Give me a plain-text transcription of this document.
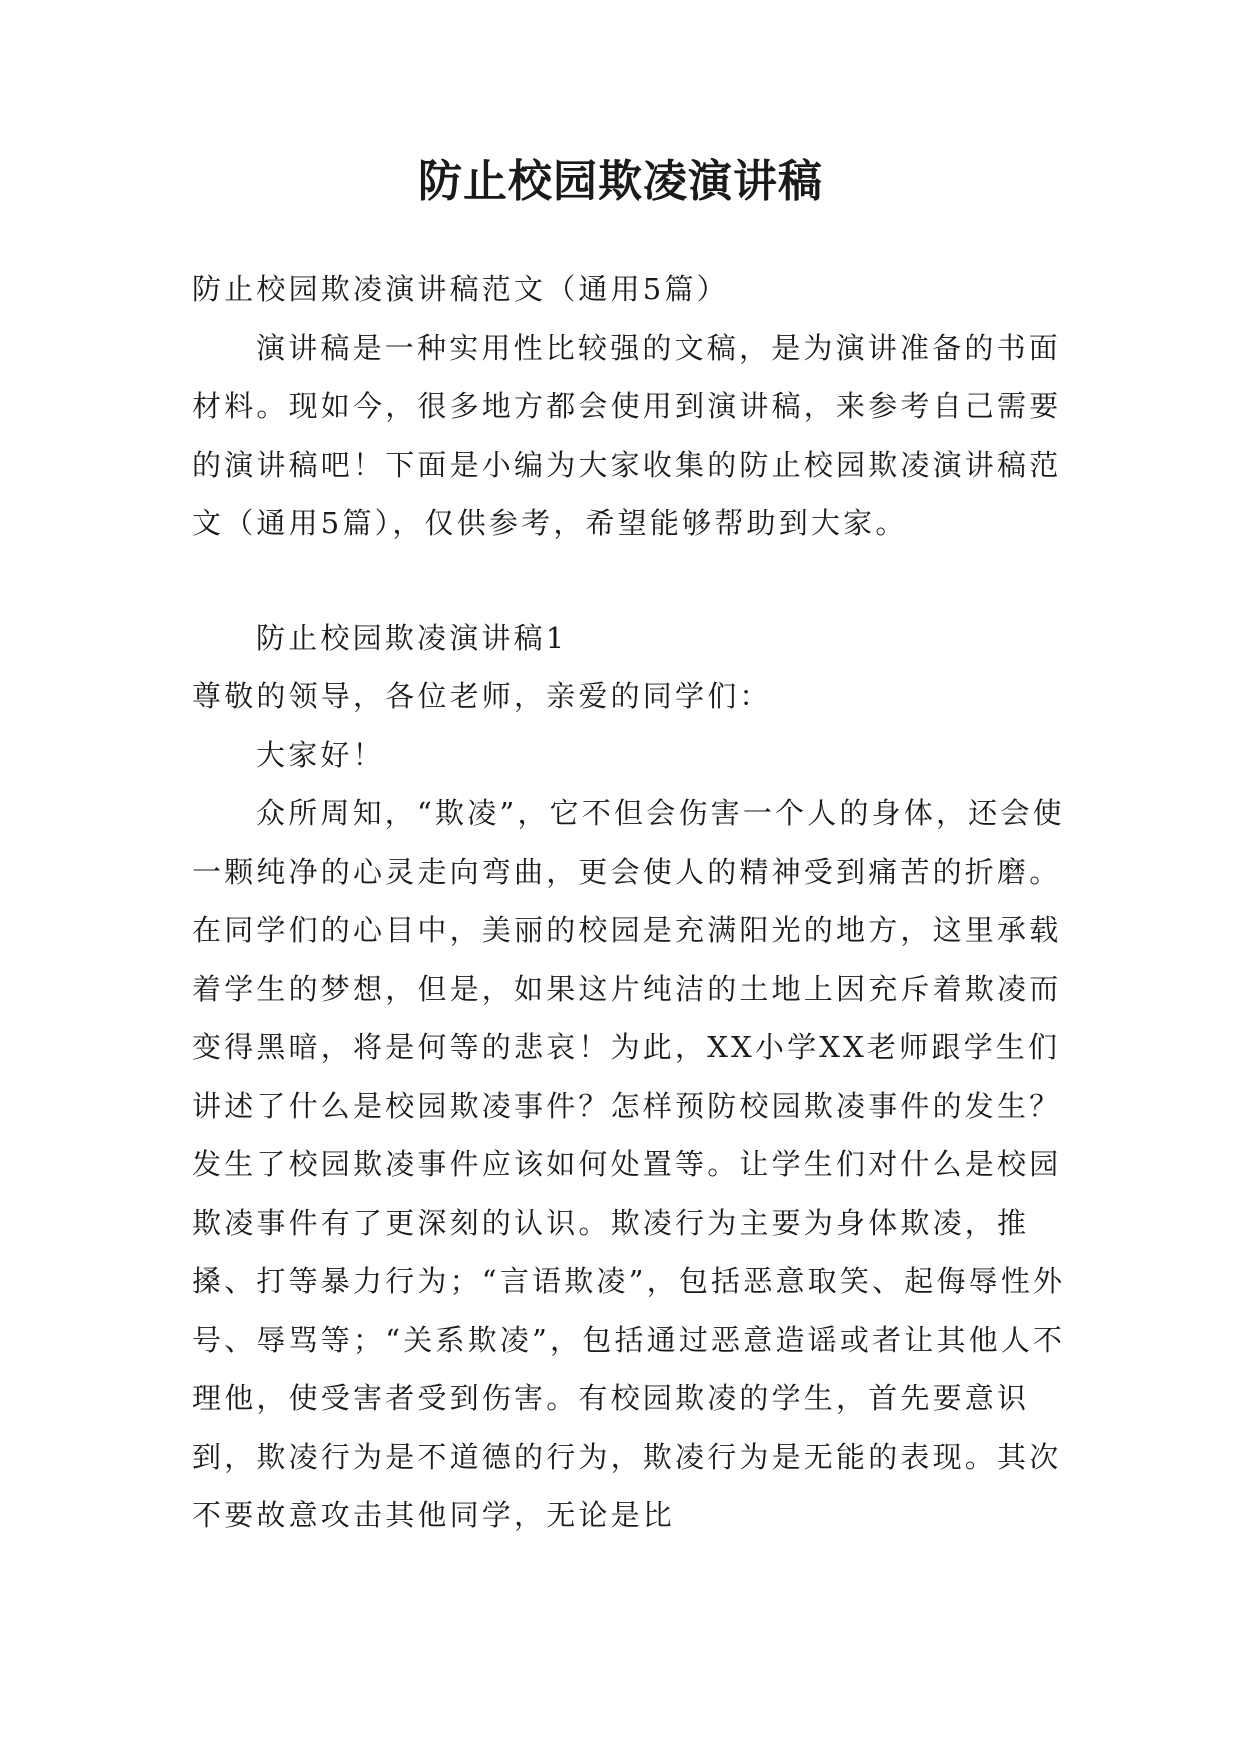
防止校园欺凌演讲稿

防止校园欺凌演讲稿范文（通用5篇）

演讲稿是一种实用性比较强的文稿，是为演讲准备的书面材料。现如今，很多地方都会使用到演讲稿，来参考自己需要的演讲稿吧！下面是小编为大家收集的防止校园欺凌演讲稿范文（通用5篇），仅供参考，希望能够帮助到大家。

防止校园欺凌演讲稿1

尊敬的领导，各位老师，亲爱的同学们：

大家好！

众所周知，“欺凌”，它不但会伤害一个人的身体，还会使一颗纯净的心灵走向弯曲，更会使人的精神受到痛苦的折磨。在同学们的心目中，美丽的校园是充满阳光的地方，这里承载着学生的梦想，但是，如果这片纯洁的土地上因充斥着欺凌而变得黑暗，将是何等的悲哀！为此，XX小学XX老师跟学生们讲述了什么是校园欺凌事件？怎样预防校园欺凌事件的发生？发生了校园欺凌事件应该如何处置等。让学生们对什么是校园欺凌事件有了更深刻的认识。欺凌行为主要为身体欺凌，推搡、打等暴力行为；“言语欺凌”，包括恶意取笑、起侮辱性外号、辱骂等；“关系欺凌”，包括通过恶意造谣或者让其他人不理他，使受害者受到伤害。有校园欺凌的学生，首先要意识到，欺凌行为是不道德的行为，欺凌行为是无能的表现。其次不要故意攻击其他同学，无论是比
